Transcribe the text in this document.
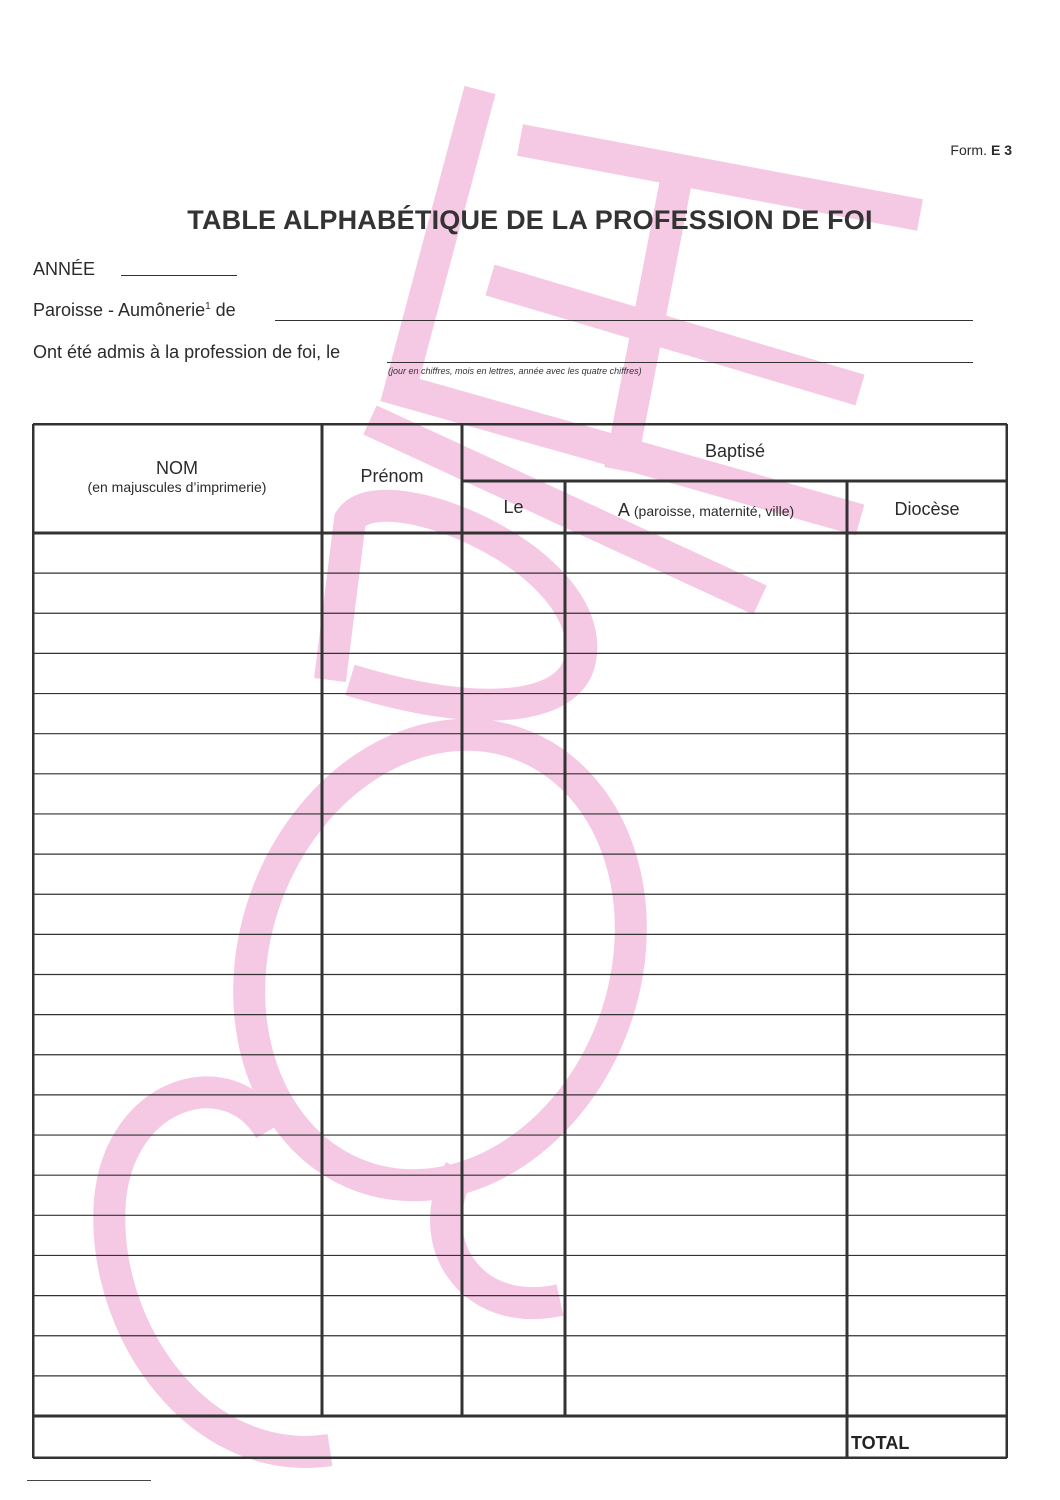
Form. E 3
TABLE ALPHABÉTIQUE DE LA PROFESSION DE FOI
ANNÉE
Paroisse - Aumônerie$^1$ de
Ont été admis à la profession de foi, le
(jour en chiffres, mois en lettres, année avec les quatre chiffres)
NOM
(en majuscules d’imprimerie)
Prénom
Baptisé
Le	A (paroisse, maternité, ville)	Diocèse
TOTAL
